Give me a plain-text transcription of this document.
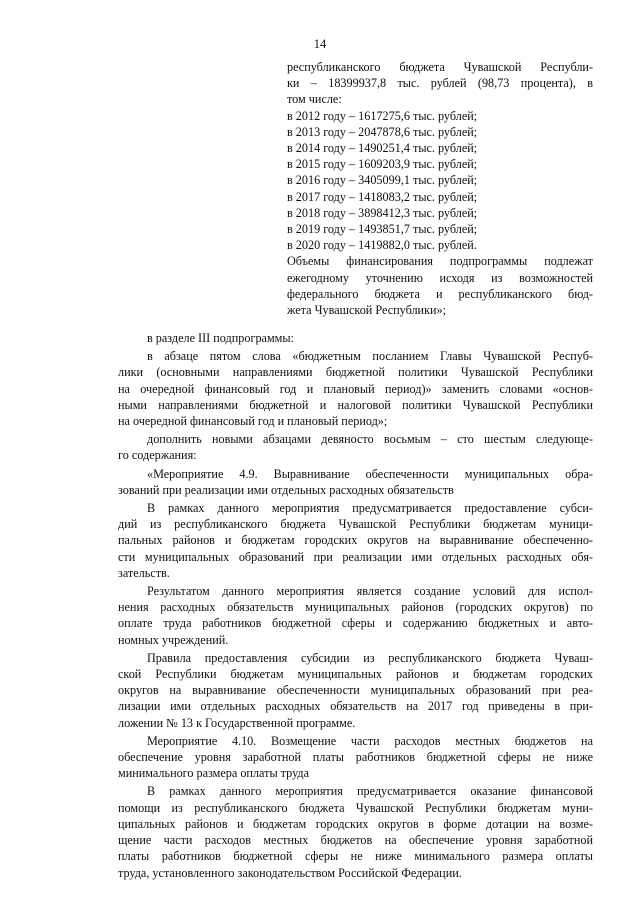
14
республиканского бюджета Чувашской Республи-
ки – 18399937,8 тыс. рублей (98,73 процента), в
том числе:
в 2012 году – 1617275,6 тыс. рублей;
в 2013 году – 2047878,6 тыс. рублей;
в 2014 году – 1490251,4 тыс. рублей;
в 2015 году – 1609203,9 тыс. рублей;
в 2016 году – 3405099,1 тыс. рублей;
в 2017 году – 1418083,2 тыс. рублей;
в 2018 году – 3898412,3 тыс. рублей;
в 2019 году – 1493851,7 тыс. рублей;
в 2020 году – 1419882,0 тыс. рублей.
Объемы финансирования подпрограммы подлежат
ежегодному уточнению исходя из возможностей
федерального бюджета и республиканского бюд-
жета Чувашской Республики»;

в разделе III подпрограммы:

в абзаце пятом слова «бюджетным посланием Главы Чувашской Респуб-
лики (основными направлениями бюджетной политики Чувашской Республики
на очередной финансовый год и плановый период)» заменить словами «основ-
ными направлениями бюджетной и налоговой политики Чувашской Республики
на очередной финансовый год и плановый период»;

дополнить новыми абзацами девяносто восьмым – сто шестым следующе-
го содержания:

«Мероприятие 4.9. Выравнивание обеспеченности муниципальных обра-
зований при реализации ими отдельных расходных обязательств

В рамках данного мероприятия предусматривается предоставление субси-
дий из республиканского бюджета Чувашской Республики бюджетам муници-
пальных районов и бюджетам городских округов на выравнивание обеспеченно-
сти муниципальных образований при реализации ими отдельных расходных обя-
зательств.

Результатом данного мероприятия является создание условий для испол-
нения расходных обязательств муниципальных районов (городских округов) по
оплате труда работников бюджетной сферы и содержанию бюджетных и авто-
номных учреждений.

Правила предоставления субсидии из республиканского бюджета Чуваш-
ской Республики бюджетам муниципальных районов и бюджетам городских
округов на выравнивание обеспеченности муниципальных образований при реа-
лизации ими отдельных расходных обязательств на 2017 год приведены в при-
ложении № 13 к Государственной программе.

Мероприятие 4.10. Возмещение части расходов местных бюджетов на
обеспечение уровня заработной платы работников бюджетной сферы не ниже
минимального размера оплаты труда

В рамках данного мероприятия предусматривается оказание финансовой
помощи из республиканского бюджета Чувашской Республики бюджетам муни-
ципальных районов и бюджетам городских округов в форме дотации на возме-
щение части расходов местных бюджетов на обеспечение уровня заработной
платы работников бюджетной сферы не ниже минимального размера оплаты
труда, установленного законодательством Российской Федерации.
